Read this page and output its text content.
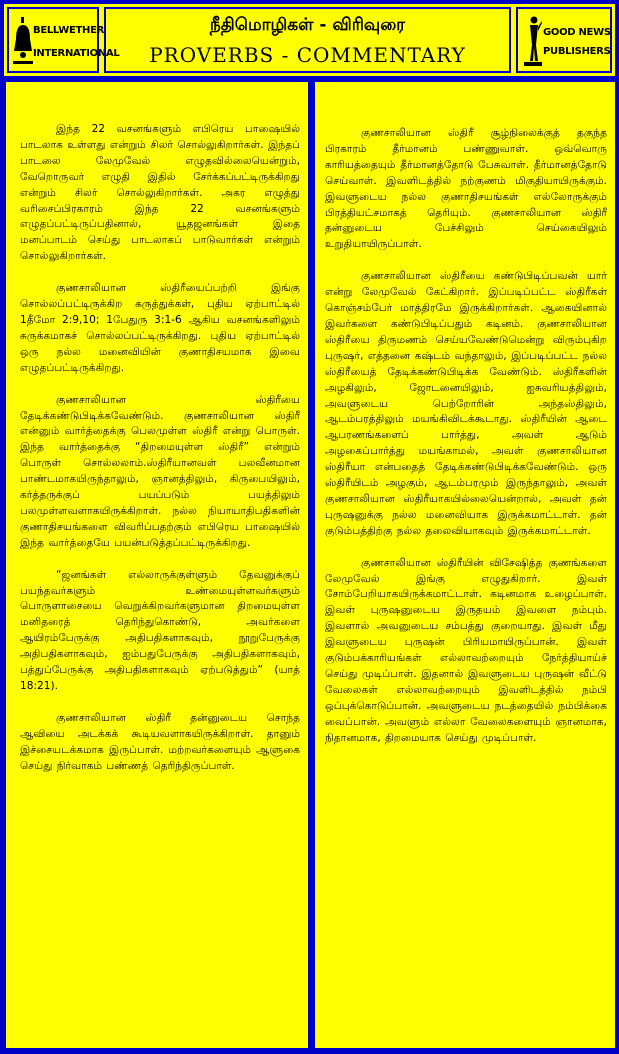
BELLWETHER
INTERNATIONAL
நீதிமொழிகள் - விரிவுரை
PROVERBS - COMMENTARY
GOOD NEWS
PUBLISHERS

இந்த 22 வசனங்களும் எபிரெய பாஷையில் பாடலாக உள்ளது என்றும் சிலர் சொல்லுகிறார்கள். இந்தப் பாடலை லேமுவேல் எழுதவில்லையென்றும், வேறொருவர் எழுதி இதில் சேர்க்கப்பட்டிருக்கிறது என்றும் சிலர் சொல்லுகிறார்கள். அகர எழுத்து வரிசைப்பிரகாரம் இந்த 22 வசனங்களும் எழுதப்பட்டிருப்பதினால், யூதஜனங்கள் இதை மனப்பாடம் செய்து பாடலாகப் பாடுவார்கள் என்றும் சொல்லுகிறார்கள்.

குணசாலியான ஸ்திரீயைப்பற்றி இங்கு சொல்லப்பட்டிருக்கிற கருத்துக்கள், புதிய ஏற்பாட்டில் 1தீமோ 2:9,10; 1பேதுரு 3:1-6 ஆகிய வசனங்களிலும் சுருக்கமாகச் சொல்லப்பட்டிருக்கிறது. புதிய ஏற்பாட்டில் ஒரு நல்ல மனைவியின் குணாதிசயமாக இவை எழுதப்பட்டிருக்கிறது.

குணசாலியான ஸ்திரீயை தேடிக்கண்டுபிடிக்கவேண்டும். குணசாலியான ஸ்திரீ என்னும் வார்த்தைக்கு பெலமுள்ள ஸ்திரீ என்று பொருள். இந்த வார்த்தைக்கு “திறமையுள்ள ஸ்திரீ” என்றும் பொருள் சொல்லலாம்.ஸ்திரீயானவள் பலவீனமான பாண்டமாகயிருந்தாலும், ஞானத்திலும், கிருபையிலும், கர்த்தருக்குப் பயப்படும் பயத்திலும் பலமுள்ளவளாகயிருக்கிறாள். நல்ல நியாயாதிபதிகளின் குணாதிசயங்களை விவரிப்பதற்கும் எபிரெய பாஷையில் இந்த வார்த்தையே பயன்படுத்தப்பட்டிருக்கிறது.

“ஜனங்கள் எல்லாருக்குள்ளும் தேவனுக்குப் பயந்தவர்களும் உண்மையுள்ளவர்களும் பொருளாசையை வெறுக்கிறவர்களுமான திறமையுள்ள மனிதரைத் தெரிந்துகொண்டு, அவர்களை ஆயிரம்பேருக்கு அதிபதிகளாகவும், நூறுபேருக்கு அதிபதிகளாகவும், ஐம்பதுபேருக்கு அதிபதிகளாகவும், பத்துப்பேருக்கு அதிபதிகளாகவும் ஏற்படுத்தும்” (யாத் 18:21).

குணசாலியான ஸ்திரீ தன்னுடைய சொந்த ஆவியை அடக்கக் கூடியவளாகயிருக்கிறாள். தானும் இச்சையடக்கமாக இருப்பாள். மற்றவர்களையும் ஆளுகை செய்து நிர்வாகம் பண்ணத் தெரிந்திருப்பாள்.

குணசாலியான ஸ்திரீ சூழ்நிலைக்குத் தகுந்த பிரகாரம் தீர்மானம் பண்ணுவாள். ஒவ்வொரு காரியத்தையும் தீர்மானத்தோடு பேசுவாள். தீர்மானத்தோடு செய்வாள். இவளிடத்தில் நற்குணம் மிகுதியாயிருக்கும். இவளுடைய நல்ல குணாதிசயங்கள் எல்லோருக்கும் பிரத்தியட்சமாகத் தெரியும். குணசாலியான ஸ்திரீ தன்னுடைய பேச்சிலும் செய்கையிலும் உறுதியாயிருப்பாள்.

குணசாலியான ஸ்திரீயை கண்டுபிடிப்பவன் யார் என்று லேமுவேல் கேட்கிறார். இப்படிப்பட்ட ஸ்திரீகள் கொஞ்சம்பேர் மாத்திரமே இருக்கிறார்கள். ஆகையினால் இவர்களை கண்டுபிடிப்பதும் கடினம். குணசாலியான ஸ்திரீயை திருமணம் செய்யவேண்டுமென்று விரும்புகிற புருஷர், எத்தனை கஷ்டம் வந்தாலும், இப்படிப்பட்ட நல்ல ஸ்திரீயைத் தேடிக்கண்டுபிடிக்க வேண்டும். ஸ்திரீகளின் அழகிலும், ஜோடனையிலும், ஐசுவரியத்திலும், அவளுடைய பெற்றோரின் அந்தஸ்திலும், ஆடம்பரத்திலும் மயங்கிவிடக்கூடாது. ஸ்திரீயின் ஆடை ஆபரணங்களைப் பார்த்து, அவள் ஆடும் அழகைப்பார்த்து மயங்காமல், அவள் குணசாலியான ஸ்திரீயா என்பதைத் தேடிக்கண்டுபிடிக்கவேண்டும். ஒரு ஸ்திரீயிடம் அழகும், ஆடம்பரமும் இருந்தாலும், அவள் குணசாலியான ஸ்திரீயாகயில்லையென்றால், அவள் தன் புருஷனுக்கு நல்ல மனைவியாக இருக்கமாட்டாள். தன் குடும்பத்திற்கு நல்ல தலைவியாகவும் இருக்கமாட்டாள்.

குணசாலியான ஸ்திரீயின் விசேஷித்த குணங்களை லேமுவேல் இங்கு எழுதுகிறார். இவள் சோம்பேறியாகயிருக்கமாட்டாள். கடினமாக உழைப்பாள். இவள் புருஷனுடைய இருதயம் இவளை நம்பும். இவளால் அவனுடைய சம்பத்து குறையாது. இவள் மீது இவளுடைய புருஷன் பிரியமாயிருப்பான். இவள் குடும்பக்காரியங்கள் எல்லாவற்றையும் நேர்த்தியாய்ச் செய்து முடிப்பாள். இதனால் இவளுடைய புருஷன் வீட்டு வேலைகள் எல்லாவற்றையும் இவளிடத்தில் நம்பி ஒப்புக்கொடுப்பான். அவளுடைய நடத்தையில் நம்பிக்கை வைப்பான். அவளும் எல்லா வேலைகளையும் ஞானமாக, நிதானமாக, திறமையாக செய்து முடிப்பாள்.
